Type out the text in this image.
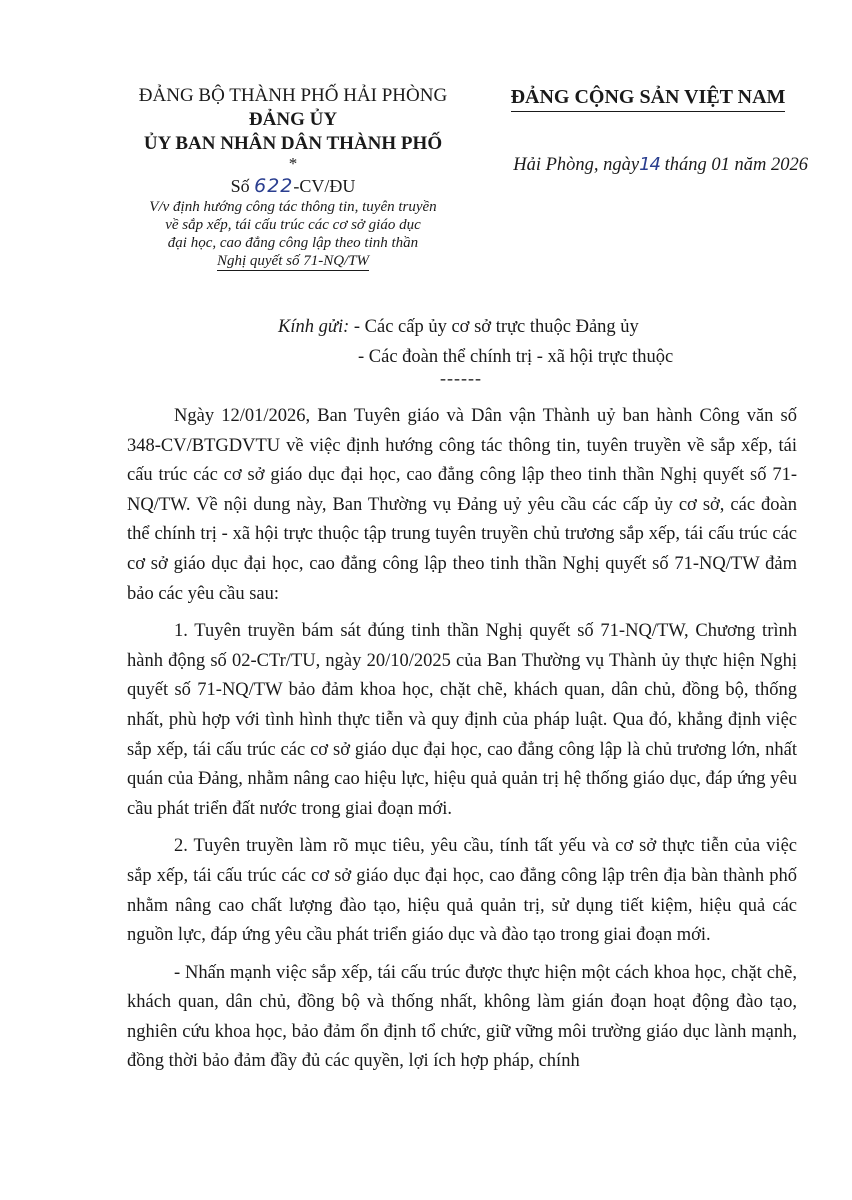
ĐẢNG BỘ THÀNH PHỐ HẢI PHÒNG
ĐẢNG ỦY
ỦY BAN NHÂN DÂN THÀNH PHỐ
*
Số 622-CV/ĐU
V/v định hướng công tác thông tin, tuyên truyền
về sắp xếp, tái cấu trúc các cơ sở giáo dục
đại học, cao đẳng công lập theo tinh thần
Nghị quyết số 71-NQ/TW
ĐẢNG CỘNG SẢN VIỆT NAM
Hải Phòng, ngày14 tháng 01 năm 2026
Kính gửi: - Các cấp ủy cơ sở trực thuộc Đảng ủy
- Các đoàn thể chính trị - xã hội trực thuộc
------

Ngày 12/01/2026, Ban Tuyên giáo và Dân vận Thành uỷ ban hành Công văn số 348-CV/BTGDVTU về việc định hướng công tác thông tin, tuyên truyền về sắp xếp, tái cấu trúc các cơ sở giáo dục đại học, cao đẳng công lập theo tinh thần Nghị quyết số 71-NQ/TW. Về nội dung này, Ban Thường vụ Đảng uỷ yêu cầu các cấp ủy cơ sở, các đoàn thể chính trị - xã hội trực thuộc tập trung tuyên truyền chủ trương sắp xếp, tái cấu trúc các cơ sở giáo dục đại học, cao đẳng công lập theo tinh thần Nghị quyết số 71-NQ/TW đảm bảo các yêu cầu sau:

1. Tuyên truyền bám sát đúng tinh thần Nghị quyết số 71-NQ/TW, Chương trình hành động số 02-CTr/TU, ngày 20/10/2025 của Ban Thường vụ Thành ủy thực hiện Nghị quyết số 71-NQ/TW bảo đảm khoa học, chặt chẽ, khách quan, dân chủ, đồng bộ, thống nhất, phù hợp với tình hình thực tiễn và quy định của pháp luật. Qua đó, khẳng định việc sắp xếp, tái cấu trúc các cơ sở giáo dục đại học, cao đẳng công lập là chủ trương lớn, nhất quán của Đảng, nhằm nâng cao hiệu lực, hiệu quả quản trị hệ thống giáo dục, đáp ứng yêu cầu phát triển đất nước trong giai đoạn mới.

2. Tuyên truyền làm rõ mục tiêu, yêu cầu, tính tất yếu và cơ sở thực tiễn của việc sắp xếp, tái cấu trúc các cơ sở giáo dục đại học, cao đẳng công lập trên địa bàn thành phố nhằm nâng cao chất lượng đào tạo, hiệu quả quản trị, sử dụng tiết kiệm, hiệu quả các nguồn lực, đáp ứng yêu cầu phát triển giáo dục và đào tạo trong giai đoạn mới.

- Nhấn mạnh việc sắp xếp, tái cấu trúc được thực hiện một cách khoa học, chặt chẽ, khách quan, dân chủ, đồng bộ và thống nhất, không làm gián đoạn hoạt động đào tạo, nghiên cứu khoa học, bảo đảm ổn định tổ chức, giữ vững môi trường giáo dục lành mạnh, đồng thời bảo đảm đầy đủ các quyền, lợi ích hợp pháp, chính
